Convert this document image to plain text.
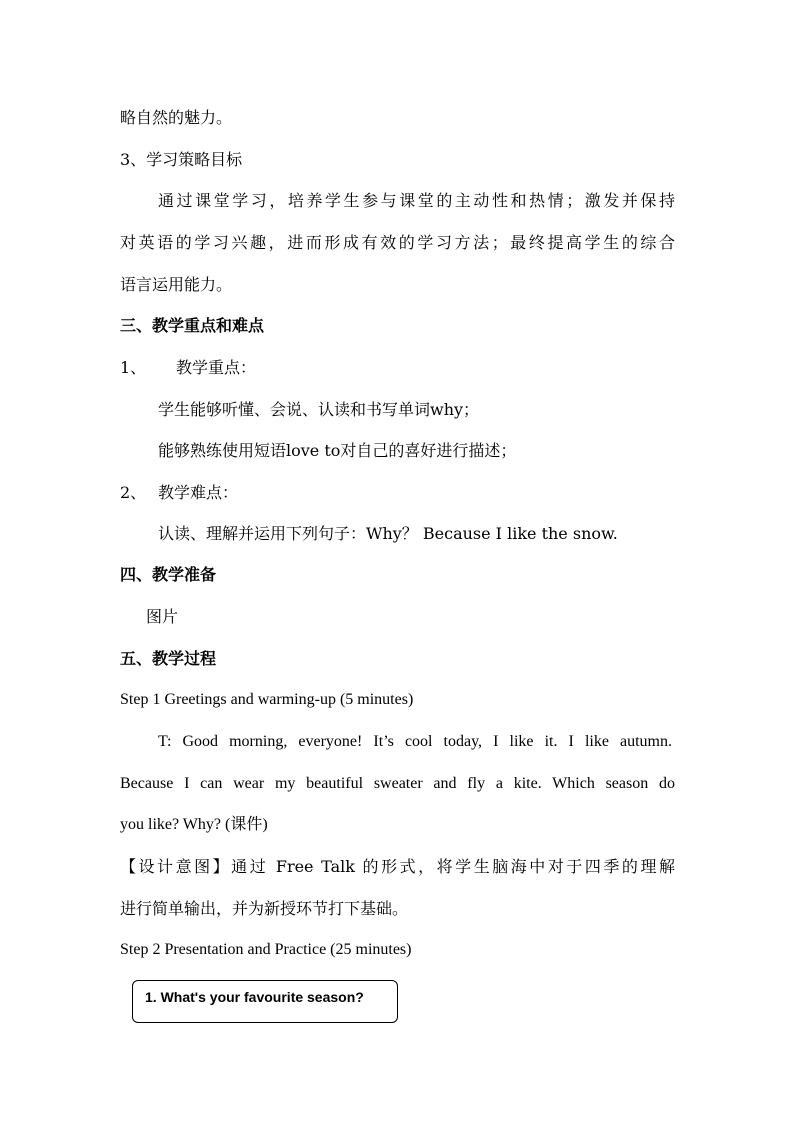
略自然的魅力。
3、学习策略目标
通过课堂学习，培养学生参与课堂的主动性和热情；激发并保持
对英语的学习兴趣，进而形成有效的学习方法；最终提高学生的综合
语言运用能力。
三、教学重点和难点
1、 教学重点：
学生能够听懂、会说、认读和书写单词why；
能够熟练使用短语love to对自己的喜好进行描述；
2、 教学难点：
认读、理解并运用下列句子：Why？ Because I like the snow.
四、教学准备
图片
五、教学过程
Step 1 Greetings and warming-up (5 minutes)
T: Good morning, everyone! It’s cool today, I like it. I like autumn.
Because I can wear my beautiful sweater and fly a kite. Which season do
you like? Why? (课件)
【设计意图】通过 Free Talk 的形式，将学生脑海中对于四季的理解
进行简单输出，并为新授环节打下基础。
Step 2 Presentation and Practice (25 minutes)
1. What's your favourite season?
